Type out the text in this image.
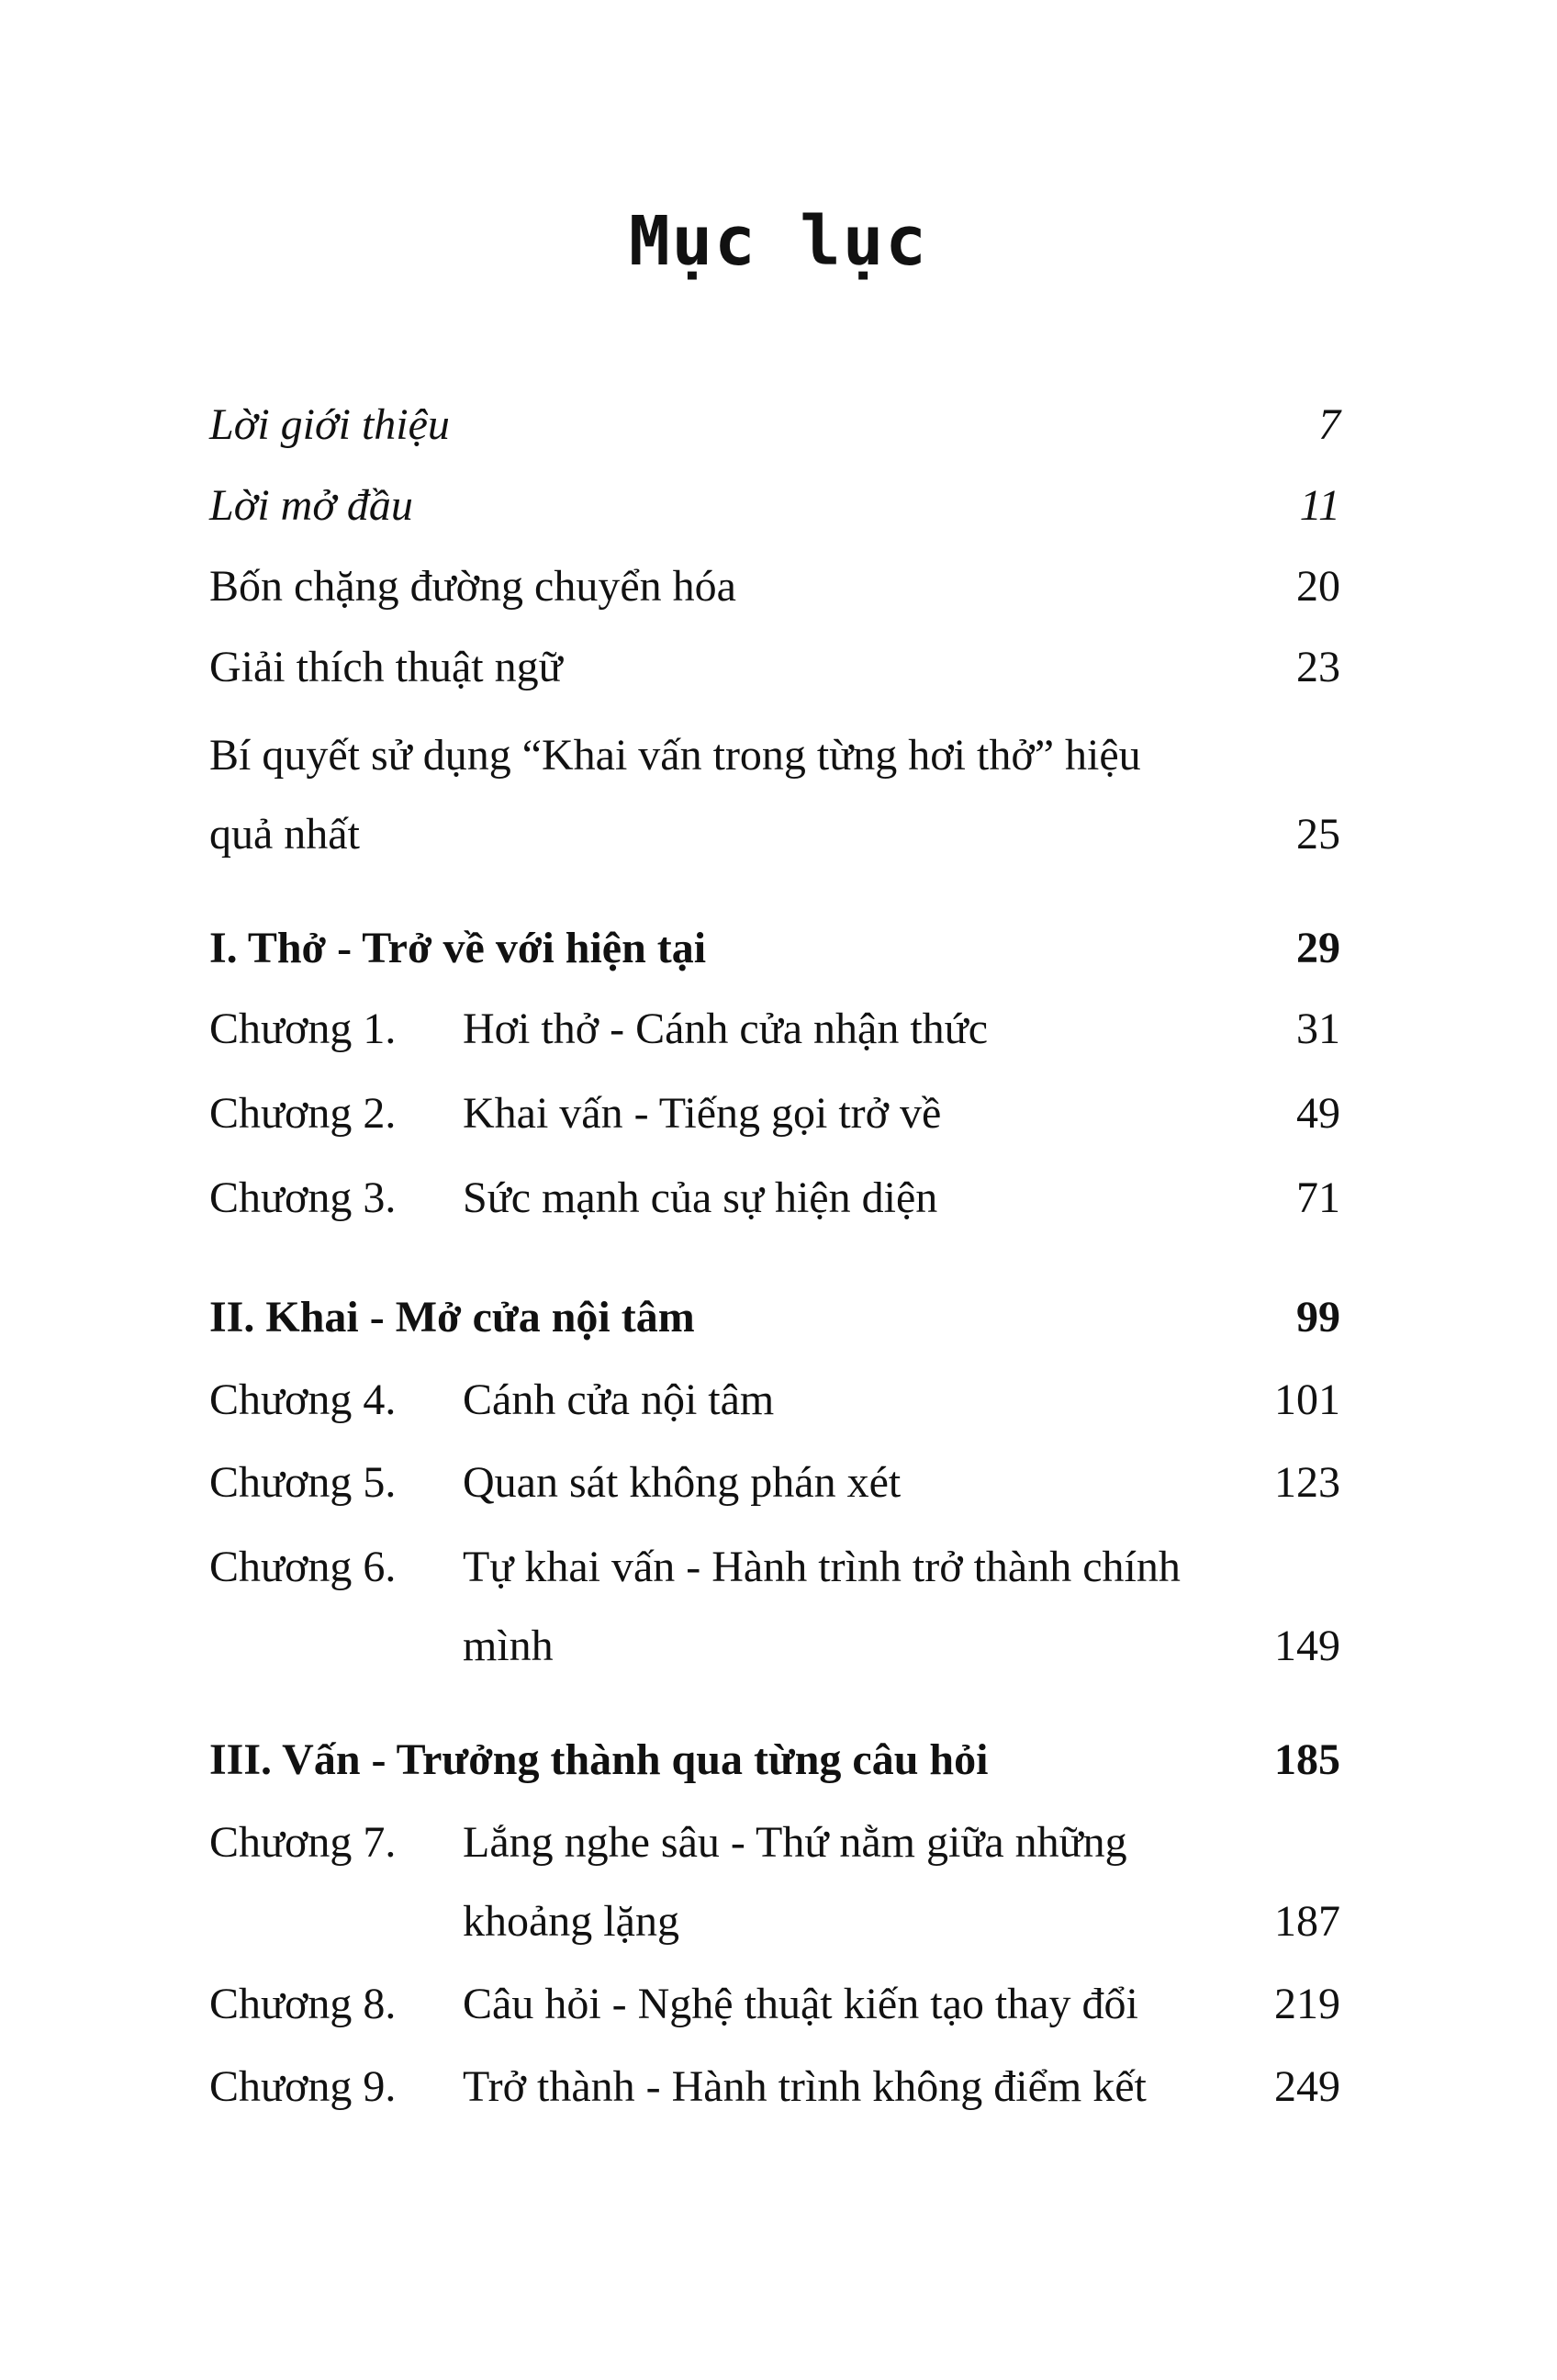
Mục lục
Lời giới thiệu	7
Lời mở đầu	11
Bốn chặng đường chuyển hóa	20
Giải thích thuật ngữ	23
Bí quyết sử dụng “Khai vấn trong từng hơi thở” hiệu quả nhất	25
I. Thở - Trở về với hiện tại	29
Chương 1. Hơi thở - Cánh cửa nhận thức	31
Chương 2. Khai vấn - Tiếng gọi trở về	49
Chương 3. Sức mạnh của sự hiện diện	71
II. Khai - Mở cửa nội tâm	99
Chương 4. Cánh cửa nội tâm	101
Chương 5. Quan sát không phán xét	123
Chương 6. Tự khai vấn - Hành trình trở thành chính mình	149
III. Vấn - Trưởng thành qua từng câu hỏi	185
Chương 7. Lắng nghe sâu - Thứ nằm giữa những khoảng lặng	187
Chương 8. Câu hỏi - Nghệ thuật kiến tạo thay đổi	219
Chương 9. Trở thành - Hành trình không điểm kết	249
